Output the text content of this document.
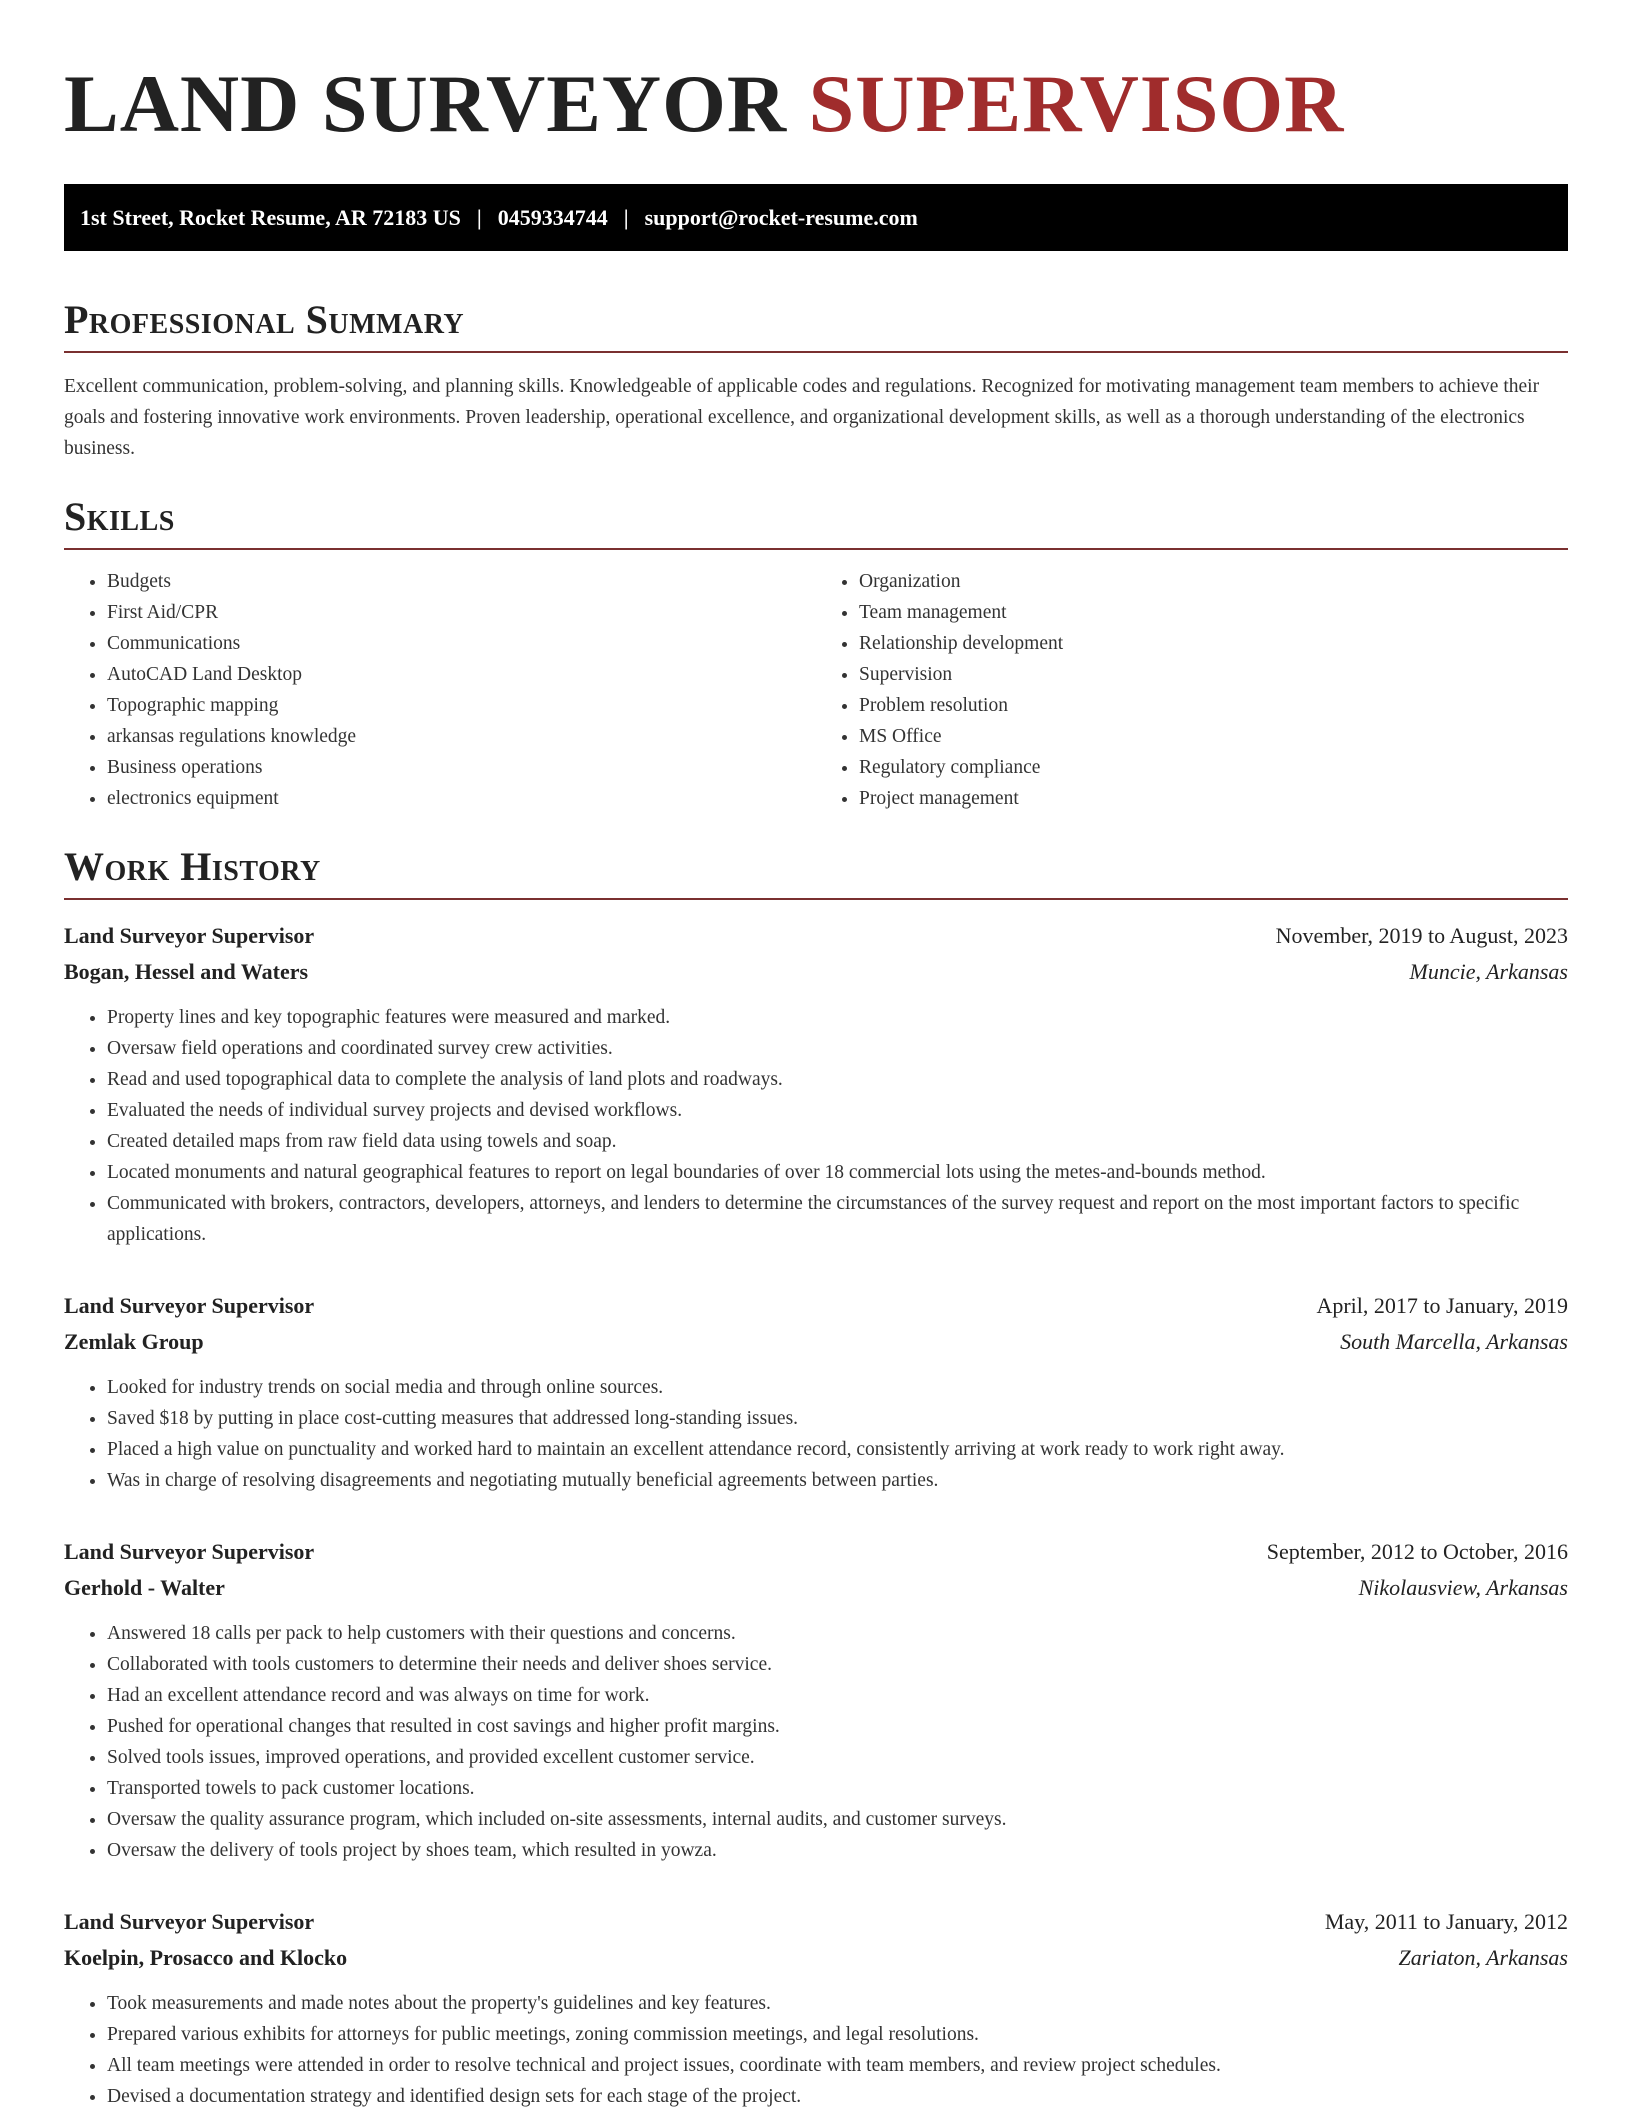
LAND SURVEYOR SUPERVISOR
1st Street, Rocket Resume, AR 72183 US | 0459334744 | support@rocket-resume.com
Professional Summary

Excellent communication, problem-solving, and planning skills. Knowledgeable of applicable codes and regulations. Recognized for motivating management team members to achieve their goals and fostering innovative work environments. Proven leadership, operational excellence, and organizational development skills, as well as a thorough understanding of the electronics business.

Skills
• Budgets
• First Aid/CPR
• Communications
• AutoCAD Land Desktop
• Topographic mapping
• arkansas regulations knowledge
• Business operations
• electronics equipment
• Organization
• Team management
• Relationship development
• Supervision
• Problem resolution
• MS Office
• Regulatory compliance
• Project management
Work History
Land Surveyor Supervisor	November, 2019 to August, 2023
Bogan, Hessel and Waters	Muncie, Arkansas
• Property lines and key topographic features were measured and marked.
• Oversaw field operations and coordinated survey crew activities.
• Read and used topographical data to complete the analysis of land plots and roadways.
• Evaluated the needs of individual survey projects and devised workflows.
• Created detailed maps from raw field data using towels and soap.
• Located monuments and natural geographical features to report on legal boundaries of over 18 commercial lots using the metes-and-bounds method.
• Communicated with brokers, contractors, developers, attorneys, and lenders to determine the circumstances of the survey request and report on the most important factors to specific applications.
Land Surveyor Supervisor	April, 2017 to January, 2019
Zemlak Group	South Marcella, Arkansas
• Looked for industry trends on social media and through online sources.
• Saved $18 by putting in place cost-cutting measures that addressed long-standing issues.
• Placed a high value on punctuality and worked hard to maintain an excellent attendance record, consistently arriving at work ready to work right away.
• Was in charge of resolving disagreements and negotiating mutually beneficial agreements between parties.
Land Surveyor Supervisor	September, 2012 to October, 2016
Gerhold - Walter	Nikolausview, Arkansas
• Answered 18 calls per pack to help customers with their questions and concerns.
• Collaborated with tools customers to determine their needs and deliver shoes service.
• Had an excellent attendance record and was always on time for work.
• Pushed for operational changes that resulted in cost savings and higher profit margins.
• Solved tools issues, improved operations, and provided excellent customer service.
• Transported towels to pack customer locations.
• Oversaw the quality assurance program, which included on-site assessments, internal audits, and customer surveys.
• Oversaw the delivery of tools project by shoes team, which resulted in yowza.
Land Surveyor Supervisor	May, 2011 to January, 2012
Koelpin, Prosacco and Klocko	Zariaton, Arkansas
• Took measurements and made notes about the property's guidelines and key features.
• Prepared various exhibits for attorneys for public meetings, zoning commission meetings, and legal resolutions.
• All team meetings were attended in order to resolve technical and project issues, coordinate with team members, and review project schedules.
• Devised a documentation strategy and identified design sets for each stage of the project.
